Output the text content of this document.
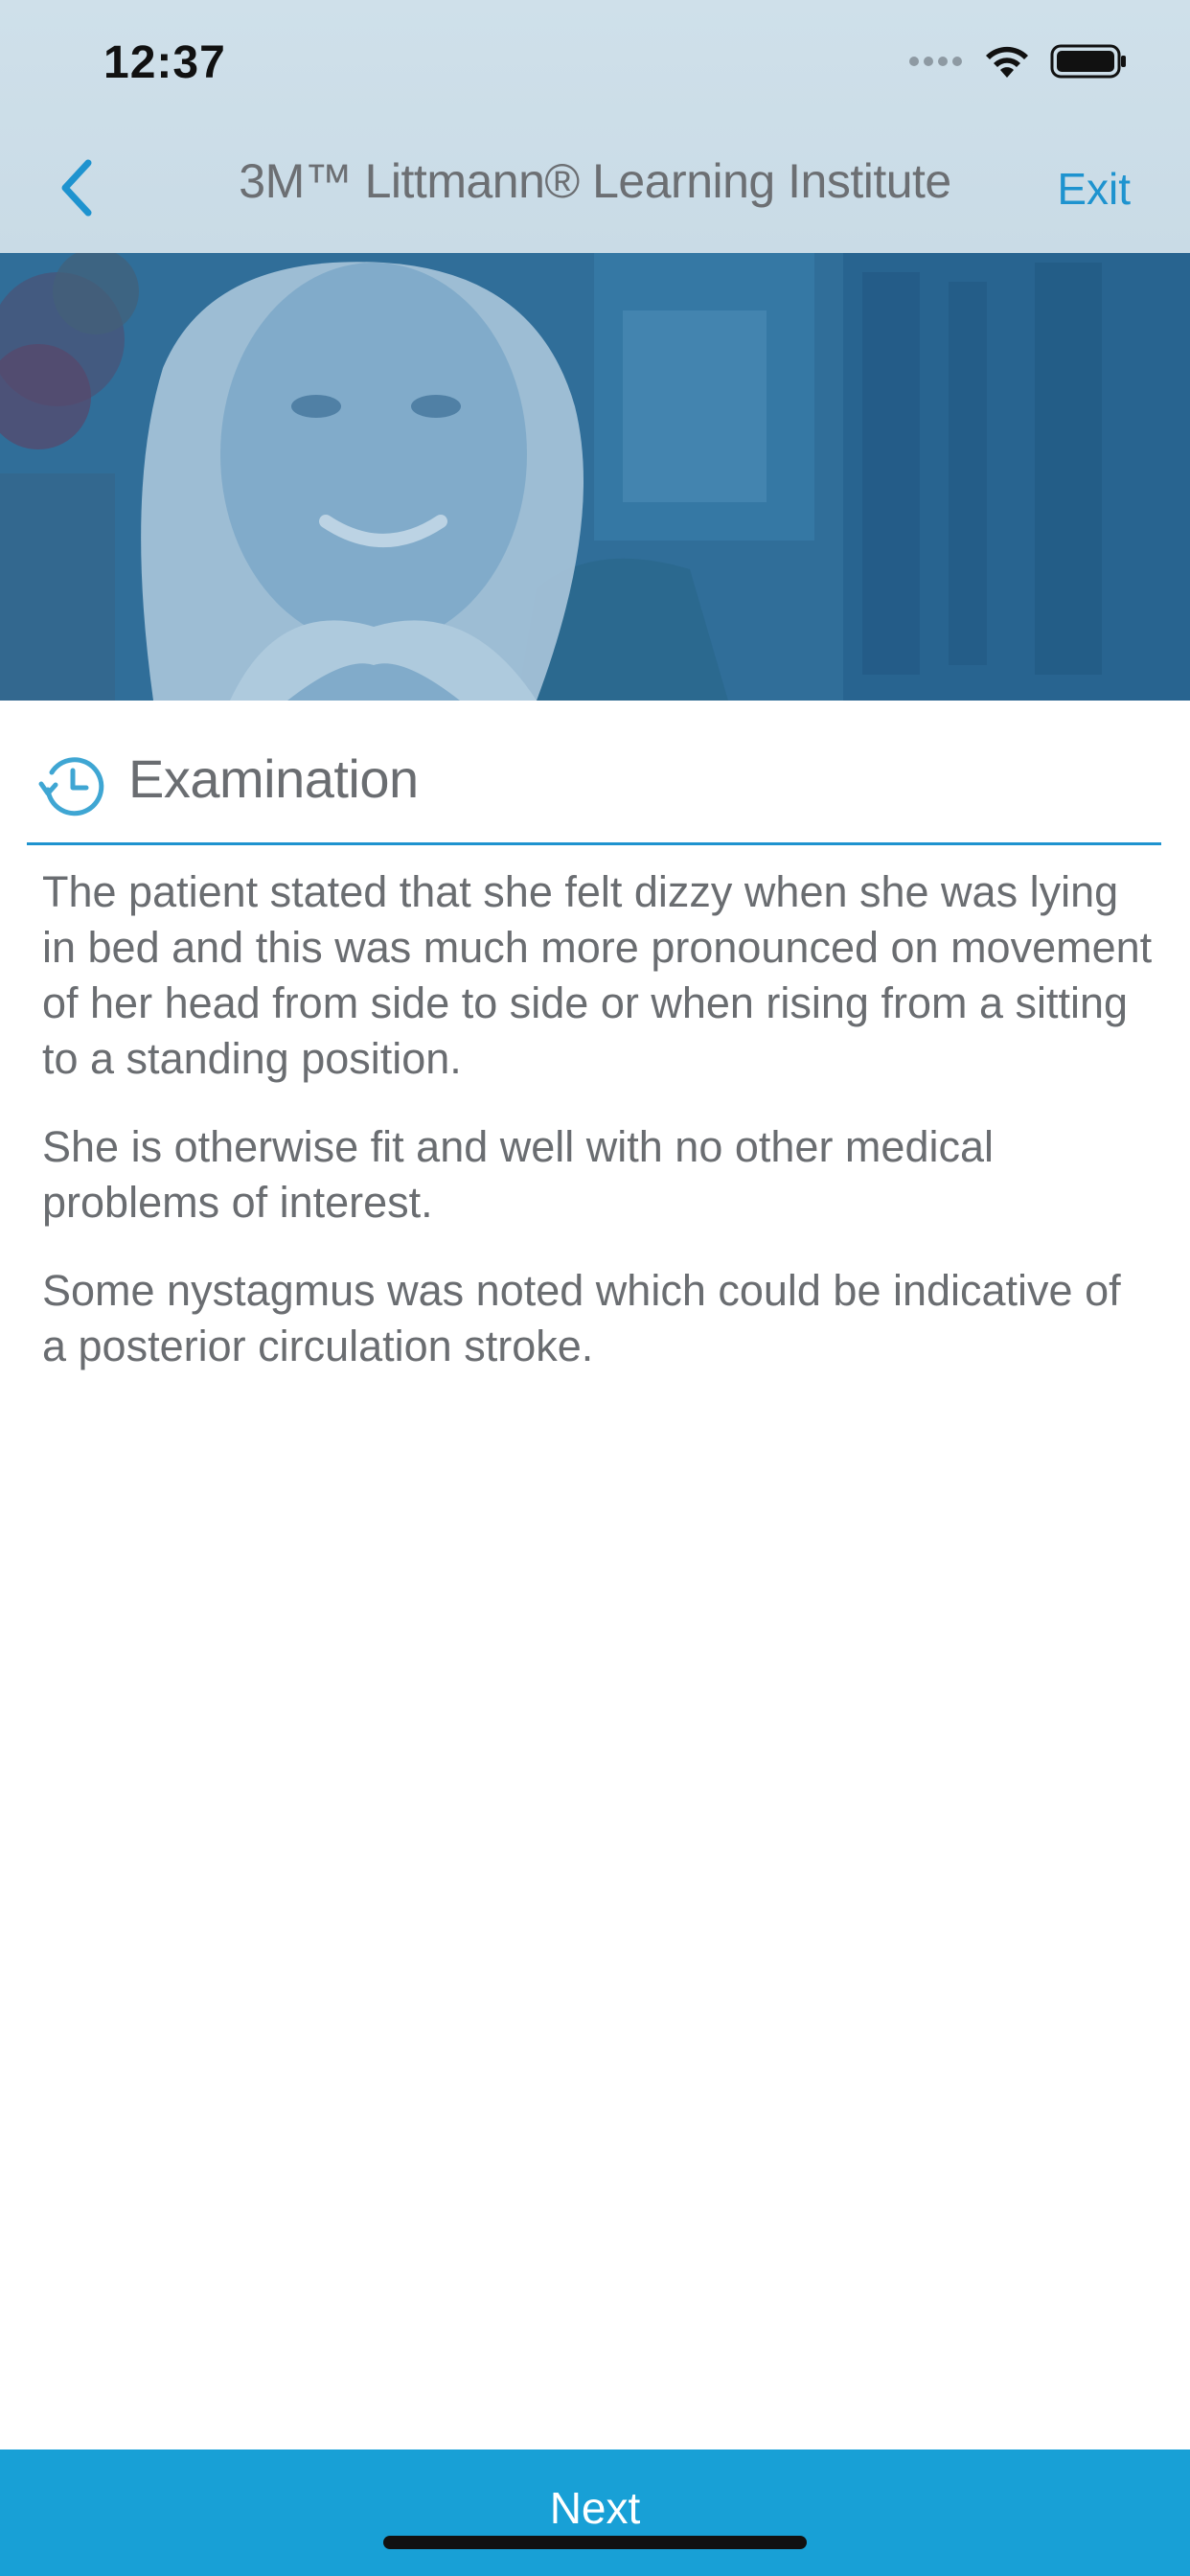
12:37
3M™ Littmann® Learning Institute	Exit
Examination

The patient stated that she felt dizzy when she was lying in bed and this was much more pronounced on movement of her head from side to side or when rising from a sitting to a standing position.

She is otherwise fit and well with no other medical problems of interest.

Some nystagmus was noted which could be indicative of a posterior circulation stroke.

Next
